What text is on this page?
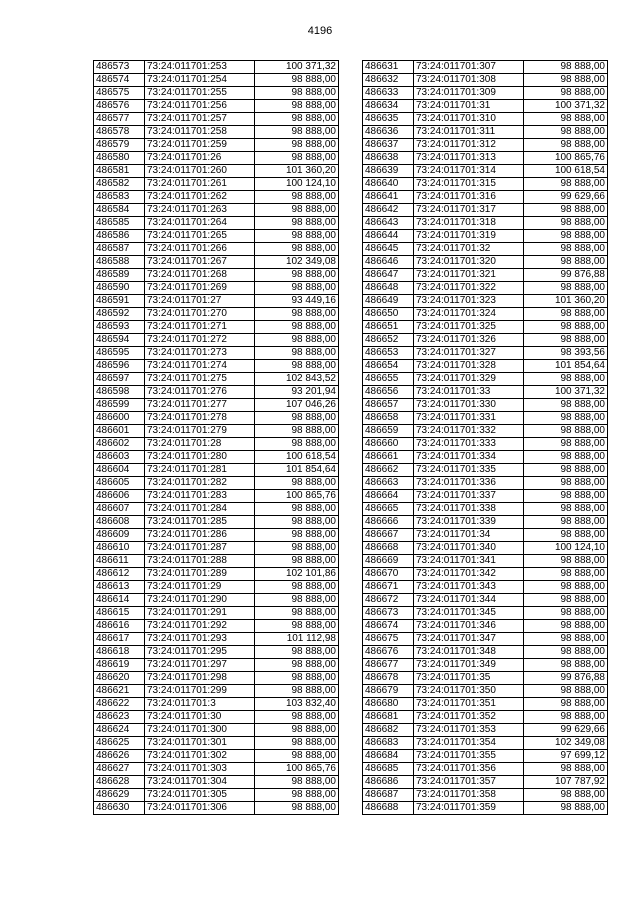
4196
486573	73:24:011701:253	100 371,32
486574	73:24:011701:254	98 888,00
486575	73:24:011701:255	98 888,00
486576	73:24:011701:256	98 888,00
486577	73:24:011701:257	98 888,00
486578	73:24:011701:258	98 888,00
486579	73:24:011701:259	98 888,00
486580	73:24:011701:26	98 888,00
486581	73:24:011701:260	101 360,20
486582	73:24:011701:261	100 124,10
486583	73:24:011701:262	98 888,00
486584	73:24:011701:263	98 888,00
486585	73:24:011701:264	98 888,00
486586	73:24:011701:265	98 888,00
486587	73:24:011701:266	98 888,00
486588	73:24:011701:267	102 349,08
486589	73:24:011701:268	98 888,00
486590	73:24:011701:269	98 888,00
486591	73:24:011701:27	93 449,16
486592	73:24:011701:270	98 888,00
486593	73:24:011701:271	98 888,00
486594	73:24:011701:272	98 888,00
486595	73:24:011701:273	98 888,00
486596	73:24:011701:274	98 888,00
486597	73:24:011701:275	102 843,52
486598	73:24:011701:276	93 201,94
486599	73:24:011701:277	107 046,26
486600	73:24:011701:278	98 888,00
486601	73:24:011701:279	98 888,00
486602	73:24:011701:28	98 888,00
486603	73:24:011701:280	100 618,54
486604	73:24:011701:281	101 854,64
486605	73:24:011701:282	98 888,00
486606	73:24:011701:283	100 865,76
486607	73:24:011701:284	98 888,00
486608	73:24:011701:285	98 888,00
486609	73:24:011701:286	98 888,00
486610	73:24:011701:287	98 888,00
486611	73:24:011701:288	98 888,00
486612	73:24:011701:289	102 101,86
486613	73:24:011701:29	98 888,00
486614	73:24:011701:290	98 888,00
486615	73:24:011701:291	98 888,00
486616	73:24:011701:292	98 888,00
486617	73:24:011701:293	101 112,98
486618	73:24:011701:295	98 888,00
486619	73:24:011701:297	98 888,00
486620	73:24:011701:298	98 888,00
486621	73:24:011701:299	98 888,00
486622	73:24:011701:3	103 832,40
486623	73:24:011701:30	98 888,00
486624	73:24:011701:300	98 888,00
486625	73:24:011701:301	98 888,00
486626	73:24:011701:302	98 888,00
486627	73:24:011701:303	100 865,76
486628	73:24:011701:304	98 888,00
486629	73:24:011701:305	98 888,00
486630	73:24:011701:306	98 888,00
486631	73:24:011701:307	98 888,00
486632	73:24:011701:308	98 888,00
486633	73:24:011701:309	98 888,00
486634	73:24:011701:31	100 371,32
486635	73:24:011701:310	98 888,00
486636	73:24:011701:311	98 888,00
486637	73:24:011701:312	98 888,00
486638	73:24:011701:313	100 865,76
486639	73:24:011701:314	100 618,54
486640	73:24:011701:315	98 888,00
486641	73:24:011701:316	99 629,66
486642	73:24:011701:317	98 888,00
486643	73:24:011701:318	98 888,00
486644	73:24:011701:319	98 888,00
486645	73:24:011701:32	98 888,00
486646	73:24:011701:320	98 888,00
486647	73:24:011701:321	99 876,88
486648	73:24:011701:322	98 888,00
486649	73:24:011701:323	101 360,20
486650	73:24:011701:324	98 888,00
486651	73:24:011701:325	98 888,00
486652	73:24:011701:326	98 888,00
486653	73:24:011701:327	98 393,56
486654	73:24:011701:328	101 854,64
486655	73:24:011701:329	98 888,00
486656	73:24:011701:33	100 371,32
486657	73:24:011701:330	98 888,00
486658	73:24:011701:331	98 888,00
486659	73:24:011701:332	98 888,00
486660	73:24:011701:333	98 888,00
486661	73:24:011701:334	98 888,00
486662	73:24:011701:335	98 888,00
486663	73:24:011701:336	98 888,00
486664	73:24:011701:337	98 888,00
486665	73:24:011701:338	98 888,00
486666	73:24:011701:339	98 888,00
486667	73:24:011701:34	98 888,00
486668	73:24:011701:340	100 124,10
486669	73:24:011701:341	98 888,00
486670	73:24:011701:342	98 888,00
486671	73:24:011701:343	98 888,00
486672	73:24:011701:344	98 888,00
486673	73:24:011701:345	98 888,00
486674	73:24:011701:346	98 888,00
486675	73:24:011701:347	98 888,00
486676	73:24:011701:348	98 888,00
486677	73:24:011701:349	98 888,00
486678	73:24:011701:35	99 876,88
486679	73:24:011701:350	98 888,00
486680	73:24:011701:351	98 888,00
486681	73:24:011701:352	98 888,00
486682	73:24:011701:353	99 629,66
486683	73:24:011701:354	102 349,08
486684	73:24:011701:355	97 699,12
486685	73:24:011701:356	98 888,00
486686	73:24:011701:357	107 787,92
486687	73:24:011701:358	98 888,00
486688	73:24:011701:359	98 888,00
